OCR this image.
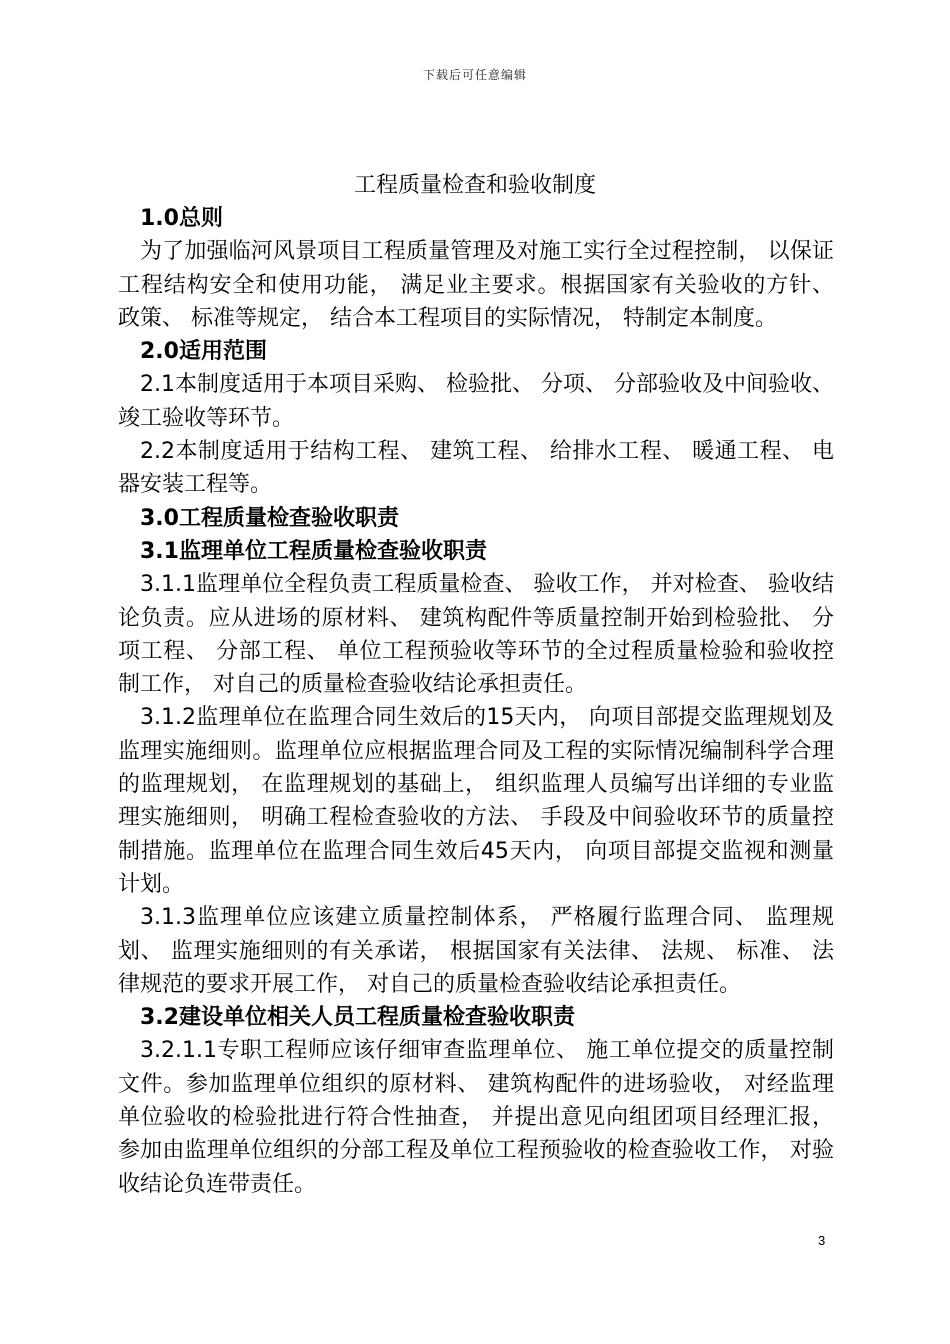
下载后可任意编辑
工程质量检查和验收制度

1.0总则

为了加强临河风景项目工程质量管理及对施工实行全过程控制， 以保证工程结构安全和使用功能， 满足业主要求。根据国家有关验收的方针、 政策、 标准等规定， 结合本工程项目的实际情况， 特制定本制度。

2.0适用范围

2.1本制度适用于本项目采购、 检验批、 分项、 分部验收及中间验收、 竣工验收等环节。

2.2本制度适用于结构工程、 建筑工程、 给排水工程、 暖通工程、 电器安装工程等。

3.0工程质量检查验收职责

3.1监理单位工程质量检查验收职责

3.1.1监理单位全程负责工程质量检查、 验收工作， 并对检查、 验收结论负责。应从进场的原材料、 建筑构配件等质量控制开始到检验批、 分项工程、 分部工程、 单位工程预验收等环节的全过程质量检验和验收控制工作， 对自己的质量检查验收结论承担责任。

3.1.2监理单位在监理合同生效后的15天内， 向项目部提交监理规划及监理实施细则。监理单位应根据监理合同及工程的实际情况编制科学合理的监理规划， 在监理规划的基础上， 组织监理人员编写出详细的专业监理实施细则， 明确工程检查验收的方法、 手段及中间验收环节的质量控制措施。监理单位在监理合同生效后45天内， 向项目部提交监视和测量计划。

3.1.3监理单位应该建立质量控制体系， 严格履行监理合同、 监理规划、 监理实施细则的有关承诺， 根据国家有关法律、 法规、 标准、 法律规范的要求开展工作， 对自己的质量检查验收结论承担责任。

3.2建设单位相关人员工程质量检查验收职责

3.2.1.1专职工程师应该仔细审查监理单位、 施工单位提交的质量控制文件。参加监理单位组织的原材料、 建筑构配件的进场验收， 对经监理单位验收的检验批进行符合性抽查， 并提出意见向组团项目经理汇报， 参加由监理单位组织的分部工程及单位工程预验收的检查验收工作， 对验收结论负连带责任。

3
